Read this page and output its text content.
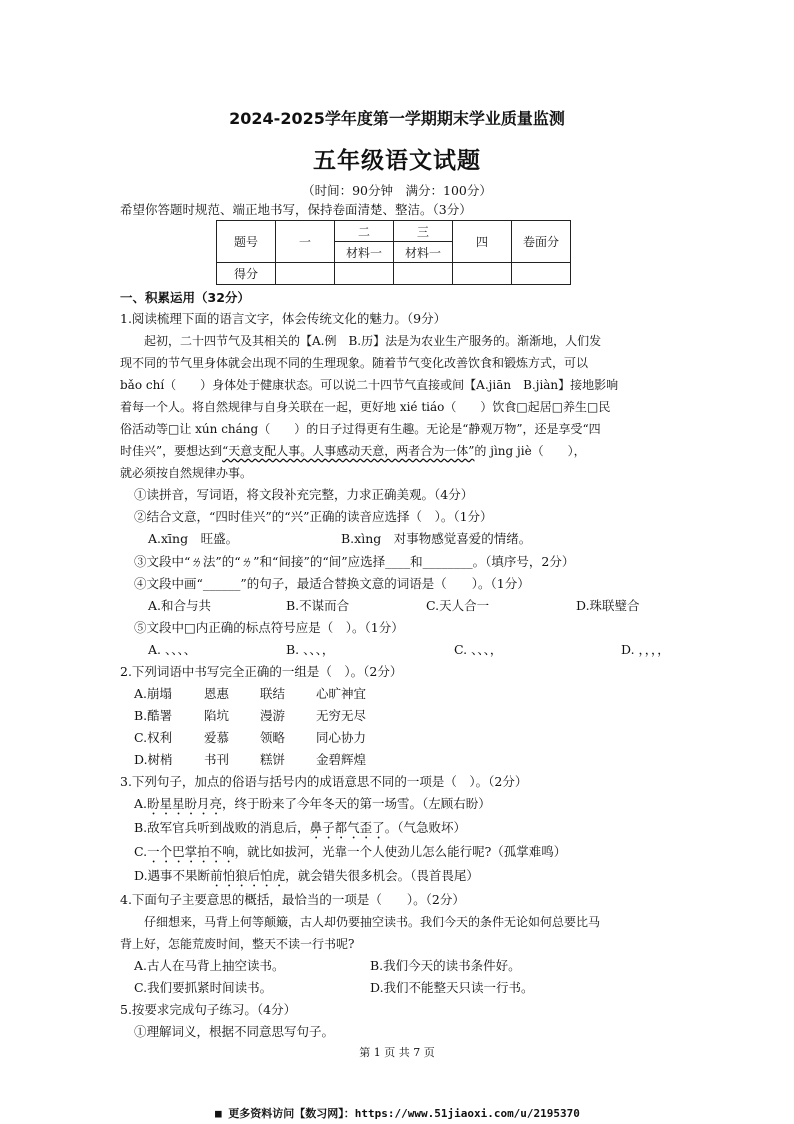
2024-2025学年度第一学期期末学业质量监测
五年级语文试题
（时间：90分钟　满分：100分）
希望你答题时规范、端正地书写，保持卷面清楚、整洁。（3分）
题号	一	二	三	四	卷面分
		材料一	材料一		
得分					
一、积累运用（32分）
1.阅读梳理下面的语言文字，体会传统文化的魅力。（9分）
　　起初，二十四节气及其相关的【A.例　B.历】法是为农业生产服务的。渐渐地，人们发
现不同的节气里身体就会出现不同的生理现象。随着节气变化改善饮食和锻炼方式，可以
bǎo chí（　　）身体处于健康状态。可以说二十四节气直接或间【A.jiān　B.jiàn】接地影响
着每一个人。将自然规律与自身关联在一起，更好地 xié tiáo（　　）饮食□起居□养生□民
俗活动等□让 xún cháng（　　）的日子过得更有生趣。无论是“静观万物”，还是享受“四
时佳兴”，要想达到“天意支配人事。人事感动天意，两者合为一体”的 jìng jiè（　　），
就必须按自然规律办事。
①读拼音，写词语，将文段补充完整，力求正确美观。（4分）
②结合文意，“四时佳兴”的“兴”正确的读音应选择（　）。（1分）
A.xīng　旺盛。	B.xìng　对事物感觉喜爱的情绪。
③文段中“ㄌ法”的“ㄌ”和“间接”的“间”应选择____和________。（填序号，2分）
④文段中画“______”的句子，最适合替换文意的词语是（　　）。（1分）
A.和合与共	B.不谋而合	C.天人合一	D.珠联璧合
⑤文段中□内正确的标点符号应是（　）。（1分）
A. 、、、、	B. 、、、，	C. 、、、，	D. ，，，，
2.下列词语中书写完全正确的一组是（　）。（2分）
A.崩塌	恩惠 联结 心旷神宜
B.酷署	陷坑 漫游 无穷无尽
C.权利	爱慕 领略 同心协力
D.树梢	书刊 糕饼 金碧辉煌
3.下列句子，加点的俗语与括号内的成语意思不同的一项是（　）。（2分）
A.盼星星盼月亮，终于盼来了今年冬天的第一场雪。（左顾右盼）
B.敌军官兵听到战败的消息后，鼻子都气歪了。（气急败坏）
C.一个巴掌拍不响，就比如拔河，光靠一个人使劲儿怎么能行呢?（孤掌难鸣）
D.遇事不果断前怕狼后怕虎，就会错失很多机会。（畏首畏尾）
4.下面句子主要意思的概括，最恰当的一项是（　　）。（2分）
　　仔细想来，马背上何等颠簸，古人却仍要抽空读书。我们今天的条件无论如何总要比马
背上好，怎能荒废时间，整天不读一行书呢?
A.古人在马背上抽空读书。	B.我们今天的读书条件好。
C.我们要抓紧时间读书。	D.我们不能整天只读一行书。
5.按要求完成句子练习。（4分）
①理解词义，根据不同意思写句子。
第 1 页 共 7 页
■ 更多资料访问【数习网】：https://www.51jiaoxi.com/u/2195370
